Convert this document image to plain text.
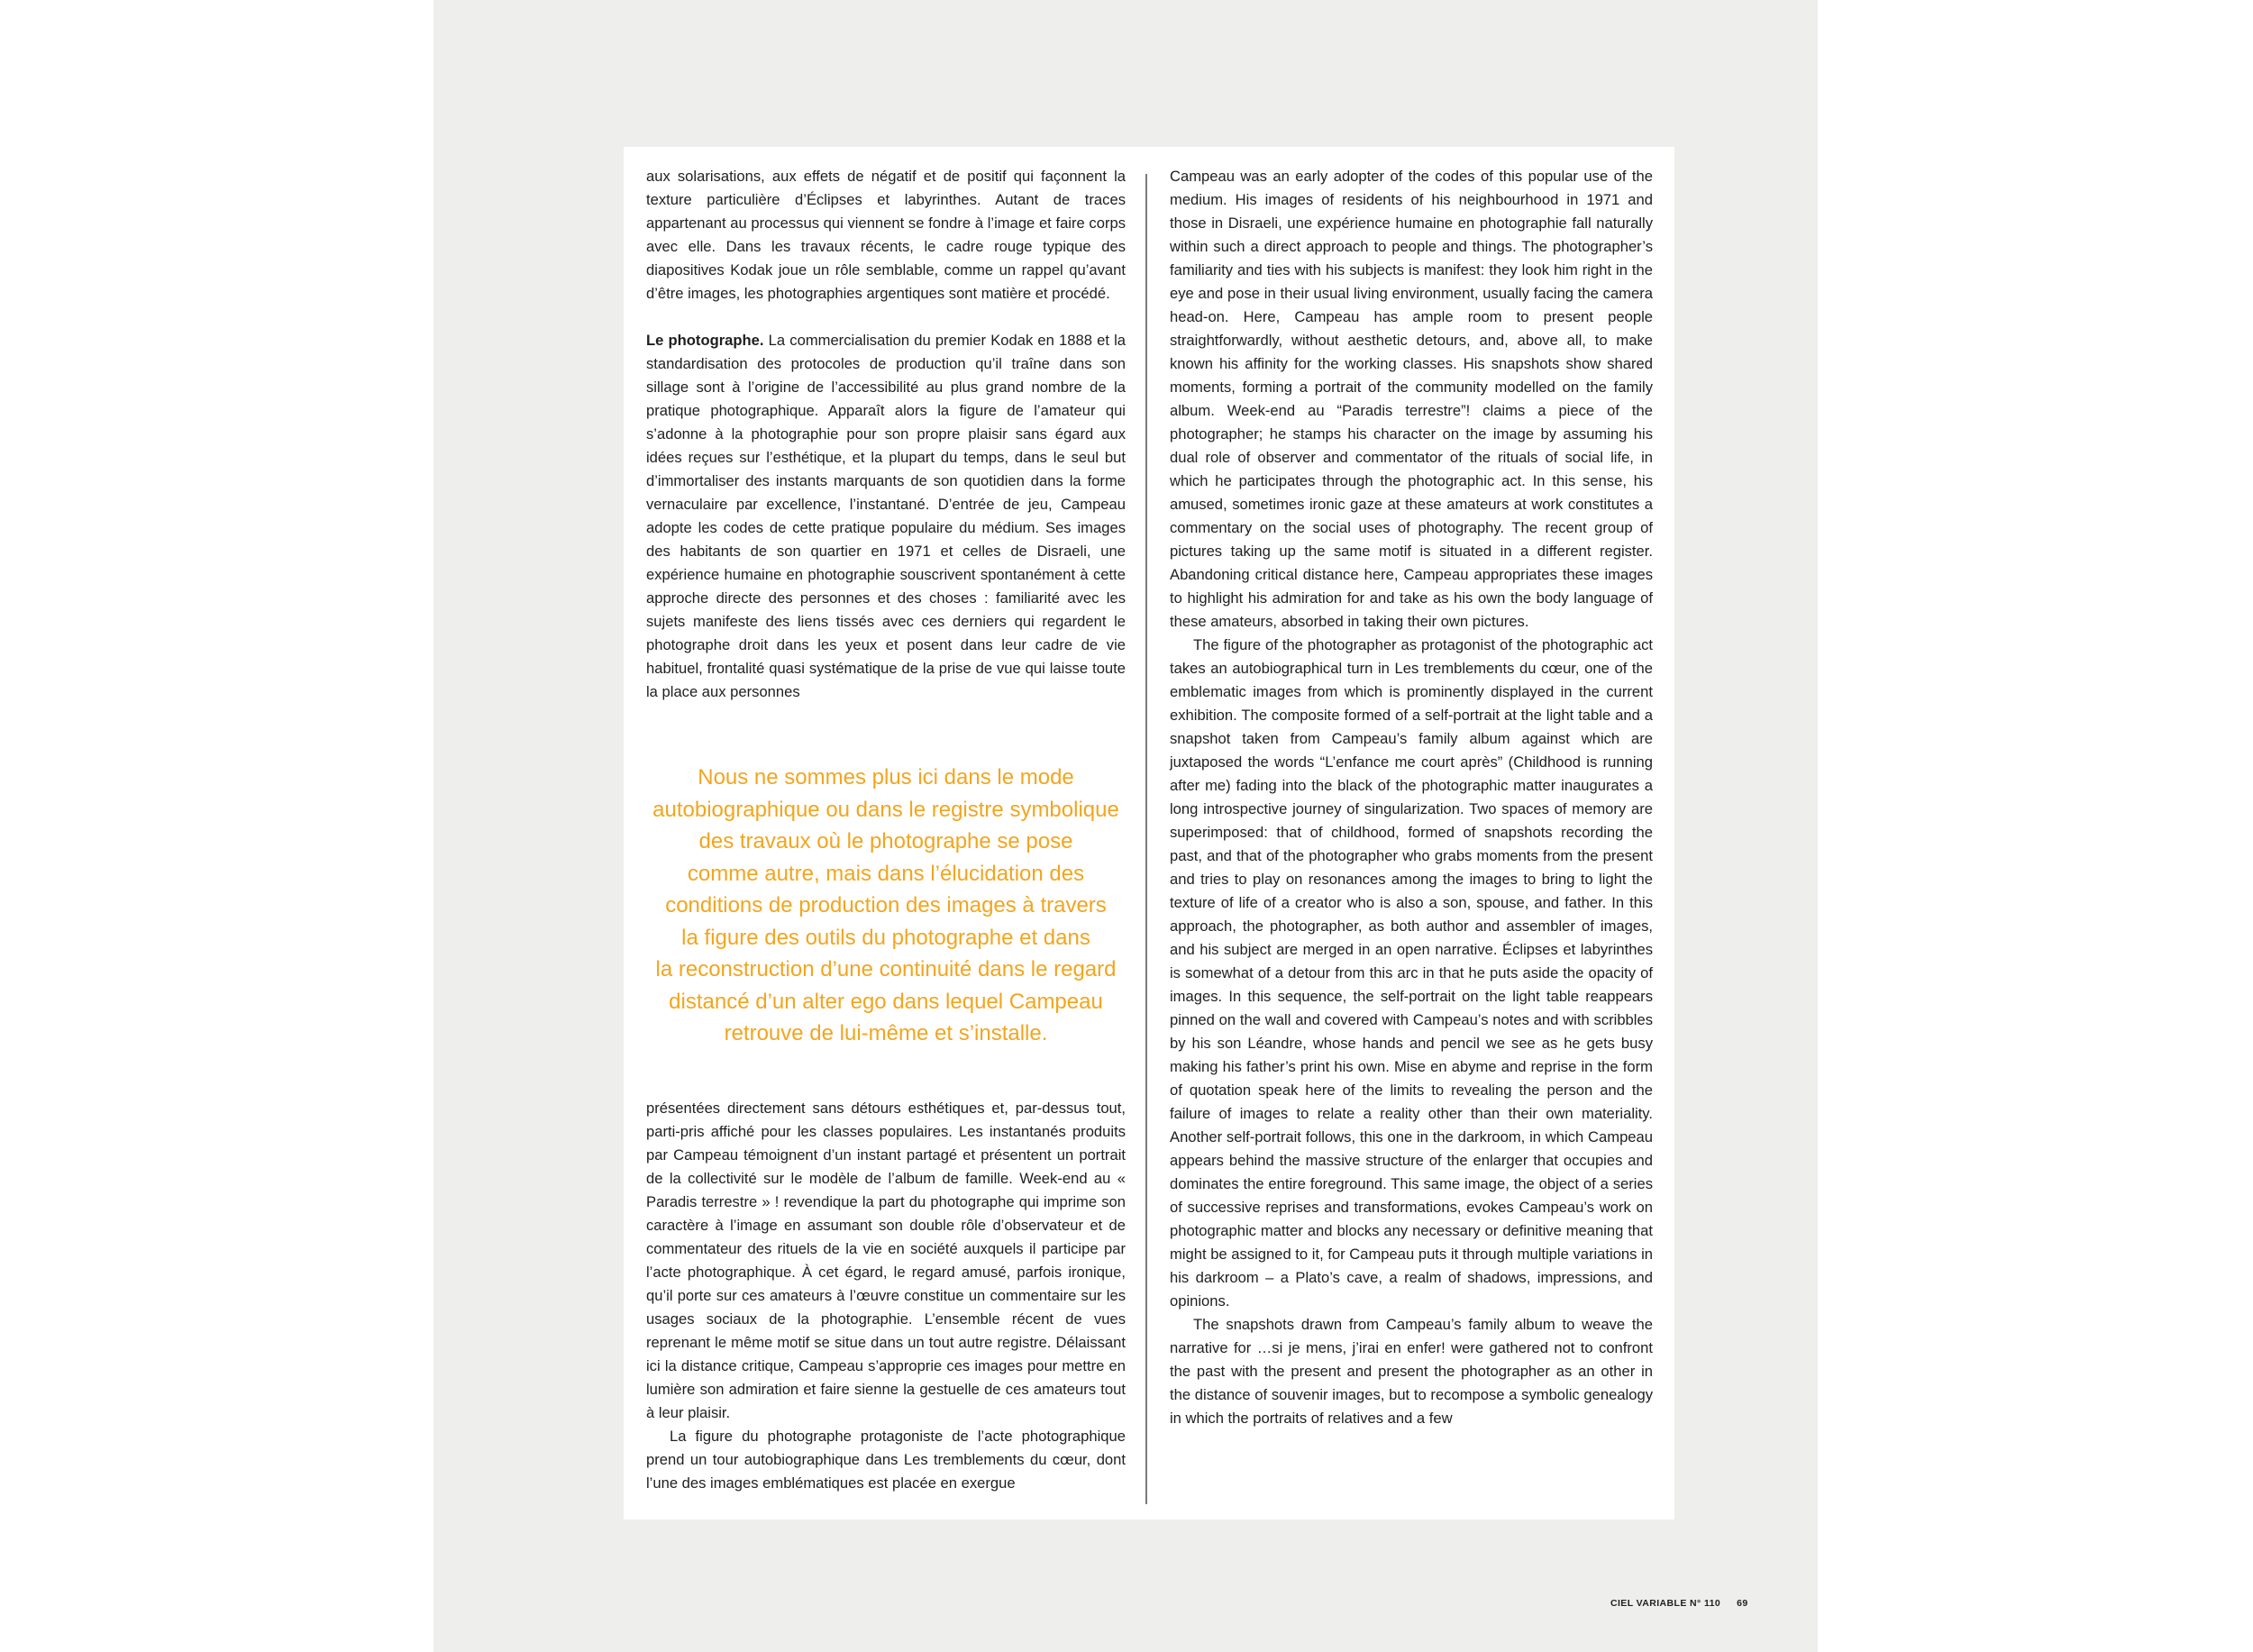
aux solarisations, aux effets de négatif et de positif qui façonnent la texture particulière d’Éclipses et labyrinthes. Autant de traces appartenant au processus qui viennent se fondre à l’image et faire corps avec elle. Dans les travaux récents, le cadre rouge typique des diapositives Kodak joue un rôle semblable, comme un rappel qu’avant d’être images, les photographies argentiques sont matière et procédé.

Le photographe. La commercialisation du premier Kodak en 1888 et la standardisation des protocoles de production qu’il traîne dans son sillage sont à l’origine de l’accessibilité au plus grand nombre de la pratique photographique. Apparaît alors la figure de l’amateur qui s’adonne à la photographie pour son propre plaisir sans égard aux idées reçues sur l’esthétique, et la plupart du temps, dans le seul but d’immortaliser des instants marquants de son quotidien dans la forme vernaculaire par excellence, l’instantané. D’entrée de jeu, Campeau adopte les codes de cette pratique populaire du médium. Ses images des habitants de son quartier en 1971 et celles de Disraeli, une expérience humaine en photographie souscrivent spontanément à cette approche directe des personnes et des choses : familiarité avec les sujets manifeste des liens tissés avec ces derniers qui regardent le photographe droit dans les yeux et posent dans leur cadre de vie habituel, frontalité quasi systématique de la prise de vue qui laisse toute la place aux personnes

Nous ne sommes plus ici dans le mode
autobiographique ou dans le registre symbolique
des travaux où le photographe se pose
comme autre, mais dans l’élucidation des
conditions de production des images à travers
la figure des outils du photographe et dans
la reconstruction d’une continuité dans le regard
distancé d’un alter ego dans lequel Campeau
retrouve de lui-même et s’installe.

présentées directement sans détours esthétiques et, par-dessus tout, parti-pris affiché pour les classes populaires. Les instantanés produits par Campeau témoignent d’un instant partagé et présentent un portrait de la collectivité sur le modèle de l’album de famille. Week-end au « Paradis terrestre » ! revendique la part du photographe qui imprime son caractère à l’image en assumant son double rôle d’observateur et de commentateur des rituels de la vie en société auxquels il participe par l’acte photographique. À cet égard, le regard amusé, parfois ironique, qu’il porte sur ces amateurs à l’œuvre constitue un commentaire sur les usages sociaux de la photographie. L’ensemble récent de vues reprenant le même motif se situe dans un tout autre registre. Délaissant ici la distance critique, Campeau s’approprie ces images pour mettre en lumière son admiration et faire sienne la gestuelle de ces amateurs tout à leur plaisir.

La figure du photographe protagoniste de l’acte photographique prend un tour autobiographique dans Les tremblements du cœur, dont l’une des images emblématiques est placée en exergue

Campeau was an early adopter of the codes of this popular use of the medium. His images of residents of his neighbourhood in 1971 and those in Disraeli, une expérience humaine en photographie fall naturally within such a direct approach to people and things. The photographer’s familiarity and ties with his subjects is manifest: they look him right in the eye and pose in their usual living environment, usually facing the camera head-on. Here, Campeau has ample room to present people straightforwardly, without aesthetic detours, and, above all, to make known his affinity for the working classes. His snapshots show shared moments, forming a portrait of the community modelled on the family album. Week-end au “Paradis terrestre”! claims a piece of the photographer; he stamps his character on the image by assuming his dual role of observer and commentator of the rituals of social life, in which he participates through the photographic act. In this sense, his amused, sometimes ironic gaze at these amateurs at work constitutes a commentary on the social uses of photography. The recent group of pictures taking up the same motif is situated in a different register. Abandoning critical distance here, Campeau appropriates these images to highlight his admiration for and take as his own the body language of these amateurs, absorbed in taking their own pictures.

The figure of the photographer as protagonist of the photographic act takes an autobiographical turn in Les tremblements du cœur, one of the emblematic images from which is prominently displayed in the current exhibition. The composite formed of a self-portrait at the light table and a snapshot taken from Campeau’s family album against which are juxtaposed the words “L’enfance me court après” (Childhood is running after me) fading into the black of the photographic matter inaugurates a long introspective journey of singularization. Two spaces of memory are superimposed: that of childhood, formed of snapshots recording the past, and that of the photographer who grabs moments from the present and tries to play on resonances among the images to bring to light the texture of life of a creator who is also a son, spouse, and father. In this approach, the photographer, as both author and assembler of images, and his subject are merged in an open narrative. Éclipses et labyrinthes is somewhat of a detour from this arc in that he puts aside the opacity of images. In this sequence, the self-portrait on the light table reappears pinned on the wall and covered with Campeau’s notes and with scribbles by his son Léandre, whose hands and pencil we see as he gets busy making his father’s print his own. Mise en abyme and reprise in the form of quotation speak here of the limits to revealing the person and the failure of images to relate a reality other than their own materiality. Another self-portrait follows, this one in the darkroom, in which Campeau appears behind the massive structure of the enlarger that occupies and dominates the entire foreground. This same image, the object of a series of successive reprises and transformations, evokes Campeau’s work on photographic matter and blocks any necessary or definitive meaning that might be assigned to it, for Campeau puts it through multiple variations in his darkroom – a Plato’s cave, a realm of shadows, impressions, and opinions.

The snapshots drawn from Campeau’s family album to weave the narrative for …si je mens, j’irai en enfer! were gathered not to confront the past with the present and present the photographer as an other in the distance of souvenir images, but to recompose a symbolic genealogy in which the portraits of relatives and a few

CIEL VARIABLE N° 110 69
